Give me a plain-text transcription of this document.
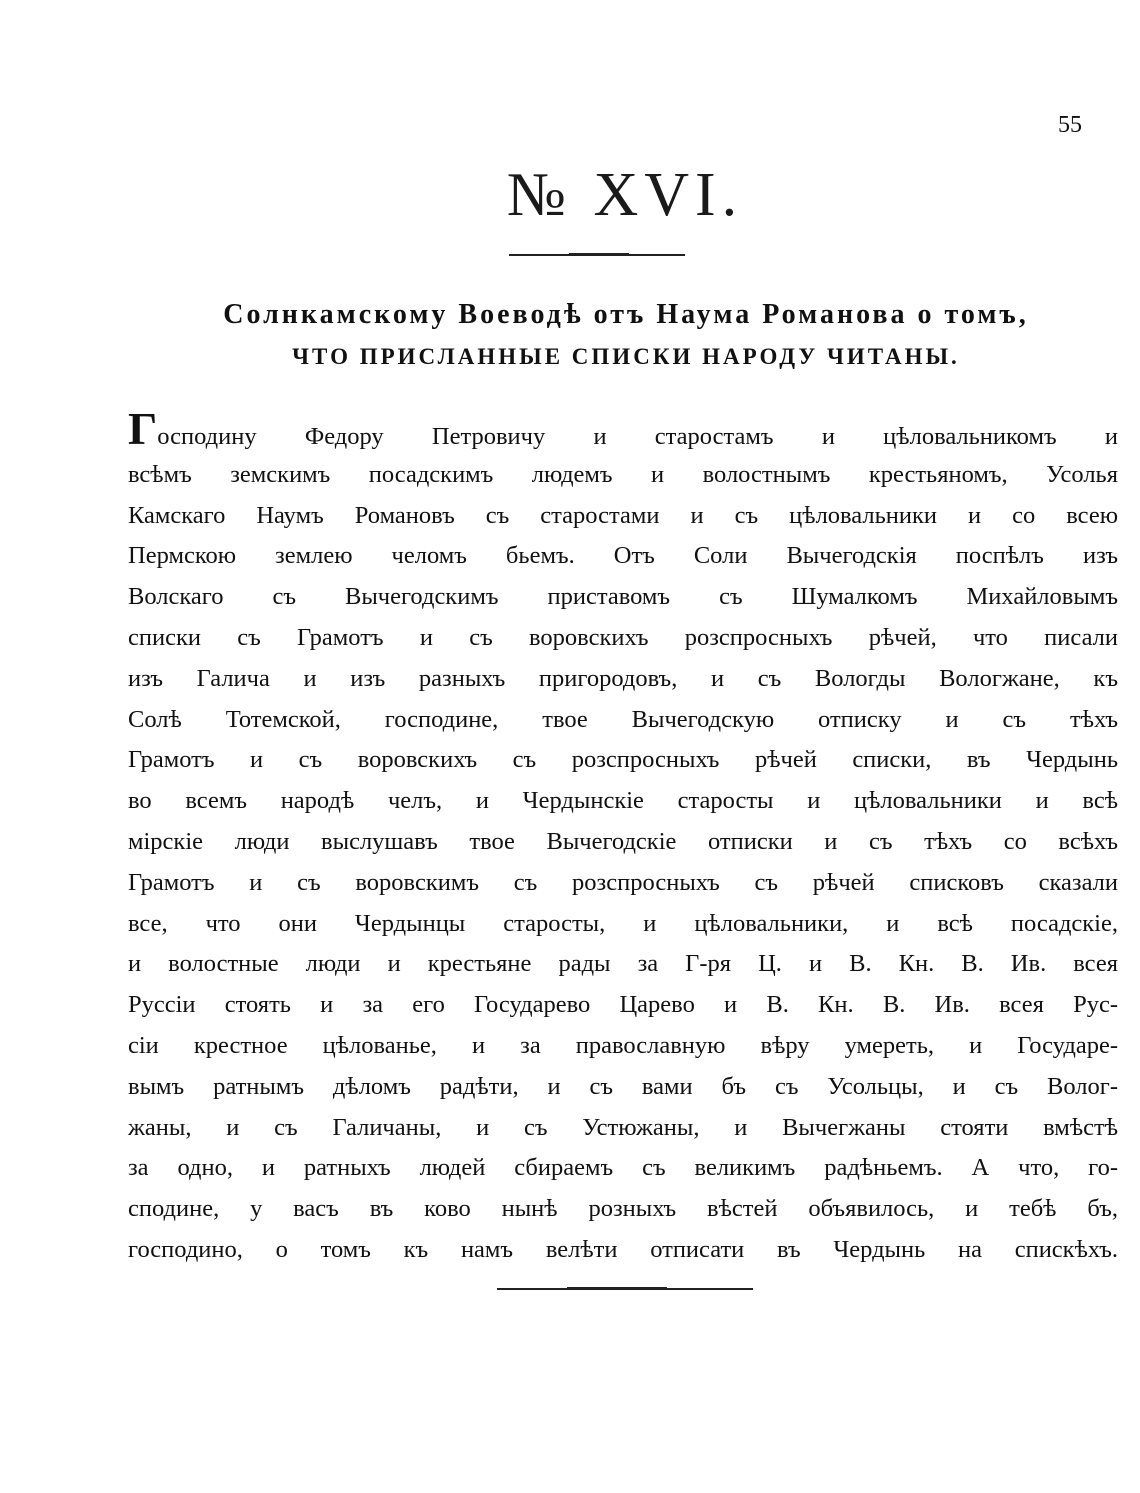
55
№ XVI.
Солнкамскому Воеводѣ отъ Наума Романова о томъ,
ЧТО ПРИСЛАННЫЕ СПИСКИ НАРОДУ ЧИТАНЫ.
Господину Федору Петровичу и старостамъ и цѣловальникомъ и
всѣмъ земскимъ посадскимъ людемъ и волостнымъ крестьяномъ, Усолья
Камскаго Наумъ Романовъ съ старостами и съ цѣловальники и со всею
Пермскою землею челомъ бьемъ. Отъ Соли Вычегодскія поспѣлъ изъ
Волскаго съ Вычегодскимъ приставомъ съ Шумалкомъ Михайловымъ
списки съ Грамотъ и съ воровскихъ розспросныхъ рѣчей, что писали
изъ Галича и изъ разныхъ пригородовъ, и съ Вологды Вологжане, къ
Солѣ Тотемской, господине, твое Вычегодскую отписку и съ тѣхъ
Грамотъ и съ воровскихъ съ розспросныхъ рѣчей списки, въ Чердынь
во всемъ народѣ челъ, и Чердынскіе старосты и цѣловальники и всѣ
мірскіе люди выслушавъ твое Вычегодскіе отписки и съ тѣхъ со всѣхъ
Грамотъ и съ воровскимъ съ розспросныхъ съ рѣчей списковъ сказали
все, что они Чердынцы старосты, и цѣловальники, и всѣ посадскіе,
и волостные люди и крестьяне рады за Г-ря Ц. и В. Кн. В. Ив. всея
Руссіи стоять и за его Государево Царево и В. Кн. В. Ив. всея Рус-
сіи крестное цѣлованье, и за православную вѣру умерeть, и Государе-
вымъ ратнымъ дѣломъ радѣти, и съ вами бъ съ Усольцы, и съ Волог-
жаны, и съ Галичаны, и съ Устюжаны, и Вычегжаны стояти вмѣстѣ
за одно, и ратныхъ людей сбираемъ съ великимъ радѣньемъ. А что, го-
сподине, у васъ въ ково нынѣ розныхъ вѣстей объявилось, и тебѣ бъ,
господино, о томъ къ намъ велѣти отписати въ Чердынь на спискѣхъ.
